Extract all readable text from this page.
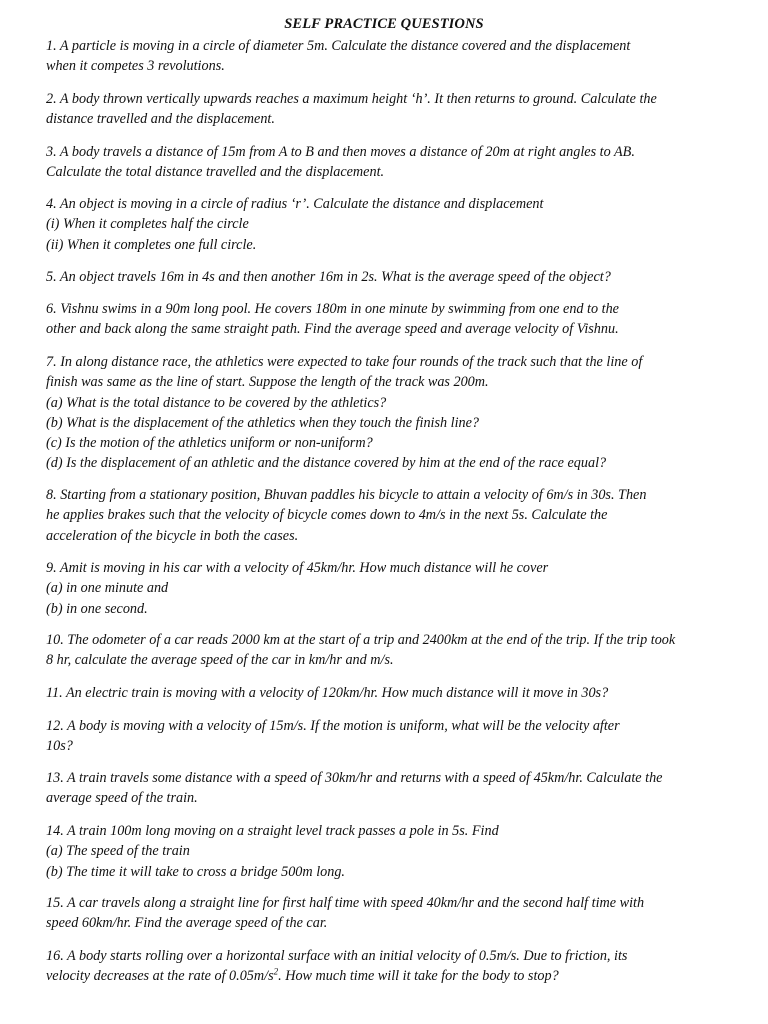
SELF PRACTICE QUESTIONS
1. A particle is moving in a circle of diameter 5m. Calculate the distance covered and the displacement
when it competes 3 revolutions.
2. A body thrown vertically upwards reaches a maximum height ‘h’. It then returns to ground. Calculate the
distance travelled and the displacement.
3. A body travels a distance of 15m from A to B and then moves a distance of 20m at right angles to AB.
Calculate the total distance travelled and the displacement.
4. An object is moving in a circle of radius ‘r’. Calculate the distance and displacement
(i) When it completes half the circle
(ii) When it completes one full circle.
5. An object travels 16m in 4s and then another 16m in 2s. What is the average speed of the object?
6. Vishnu swims in a 90m long pool. He covers 180m in one minute by swimming from one end to the
other and back along the same straight path. Find the average speed and average velocity of Vishnu.
7. In along distance race, the athletics were expected to take four rounds of the track such that the line of
finish was same as the line of start. Suppose the length of the track was 200m.
(a) What is the total distance to be covered by the athletics?
(b) What is the displacement of the athletics when they touch the finish line?
(c) Is the motion of the athletics uniform or non-uniform?
(d) Is the displacement of an athletic and the distance covered by him at the end of the race equal?
8. Starting from a stationary position, Bhuvan paddles his bicycle to attain a velocity of 6m/s in 30s. Then
he applies brakes such that the velocity of bicycle comes down to 4m/s in the next 5s. Calculate the
acceleration of the bicycle in both the cases.
9. Amit is moving in his car with a velocity of 45km/hr. How much distance will he cover
(a) in one minute and
(b) in one second.
10. The odometer of a car reads 2000 km at the start of a trip and 2400km at the end of the trip. If the trip took
8 hr, calculate the average speed of the car in km/hr and m/s.
11. An electric train is moving with a velocity of 120km/hr. How much distance will it move in 30s?
12. A body is moving with a velocity of 15m/s. If the motion is uniform, what will be the velocity after
10s?
13. A train travels some distance with a speed of 30km/hr and returns with a speed of 45km/hr. Calculate the
average speed of the train.
14. A train 100m long moving on a straight level track passes a pole in 5s. Find
(a) The speed of the train
(b) The time it will take to cross a bridge 500m long.
15. A car travels along a straight line for first half time with speed 40km/hr and the second half time with
speed 60km/hr. Find the average speed of the car.
16. A body starts rolling over a horizontal surface with an initial velocity of 0.5m/s. Due to friction, its
velocity decreases at the rate of $0.05m/s^2$. How much time will it take for the body to stop?
